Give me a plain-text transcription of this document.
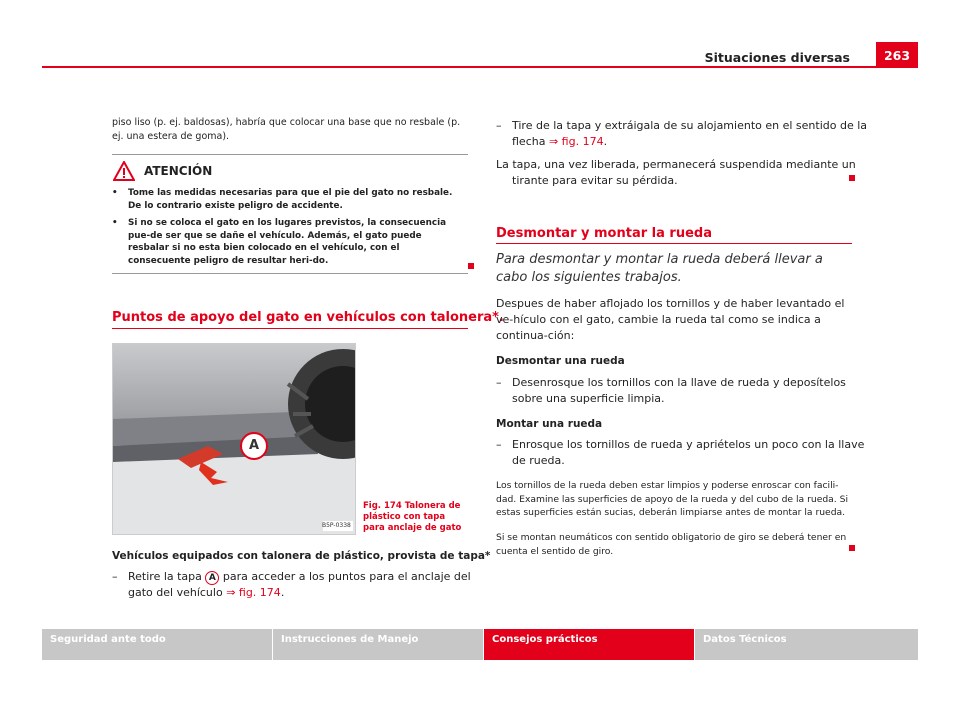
Situaciones diversas	263
piso liso (p. ej. baldosas), habría que colocar una base que no resbale (p. ej. una estera de goma).
ATENCIÓN
• Tome las medidas necesarias para que el pie del gato no resbale. De lo contrario existe peligro de accidente.
• Si no se coloca el gato en los lugares previstos, la consecuencia pue-de ser que se dañe el vehículo. Además, el gato puede resbalar si no esta bien colocado en el vehículo, con el consecuente peligro de resultar heri-do.
Puntos de apoyo del gato en vehículos con talonera*.
A
B5P-0338
Fig. 174 Talonera de plástico con tapa para anclaje de gato
Vehículos equipados con talonera de plástico, provista de tapa*
– Retire la tapa A para acceder a los puntos para el anclaje del gato del vehículo ⇒ fig. 174.
– Tire de la tapa y extráigala de su alojamiento en el sentido de la flecha ⇒ fig. 174.
La tapa, una vez liberada, permanecerá suspendida mediante un tirante para evitar su pérdida.
Desmontar y montar la rueda
Para desmontar y montar la rueda deberá llevar a cabo los siguientes trabajos.
Despues de haber aflojado los tornillos y de haber levantado el ve-hículo con el gato, cambie la rueda tal como se indica a continua-ción:
Desmontar una rueda
– Desenrosque los tornillos con la llave de rueda y deposítelos sobre una superficie limpia.
Montar una rueda
– Enrosque los tornillos de rueda y apriételos un poco con la llave de rueda.
Los tornillos de la rueda deben estar limpios y poderse enroscar con facili-dad. Examine las superficies de apoyo de la rueda y del cubo de la rueda. Si estas superficies están sucias, deberán limpiarse antes de montar la rueda.
Si se montan neumáticos con sentido obligatorio de giro se deberá tener en cuenta el sentido de giro.
Seguridad ante todo	Instrucciones de Manejo	Consejos prácticos	Datos Técnicos
